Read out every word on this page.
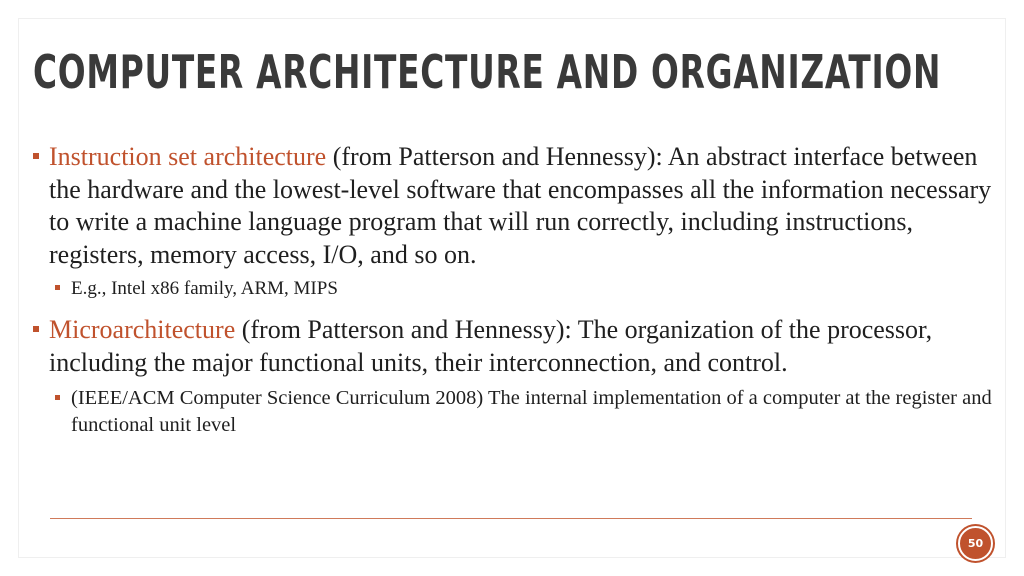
COMPUTER ARCHITECTURE AND ORGANIZATION
Instruction set architecture (from Patterson and Hennessy): An abstract interface between the hardware and the lowest-level software that encompasses all the information necessary to write a machine language program that will run correctly, including instructions, registers, memory access, I/O, and so on.
E.g., Intel x86 family, ARM, MIPS
Microarchitecture (from Patterson and Hennessy): The organization of the processor, including the major functional units, their interconnection, and control.
(IEEE/ACM Computer Science Curriculum 2008) The internal implementation of a computer at the register and functional unit level
50
